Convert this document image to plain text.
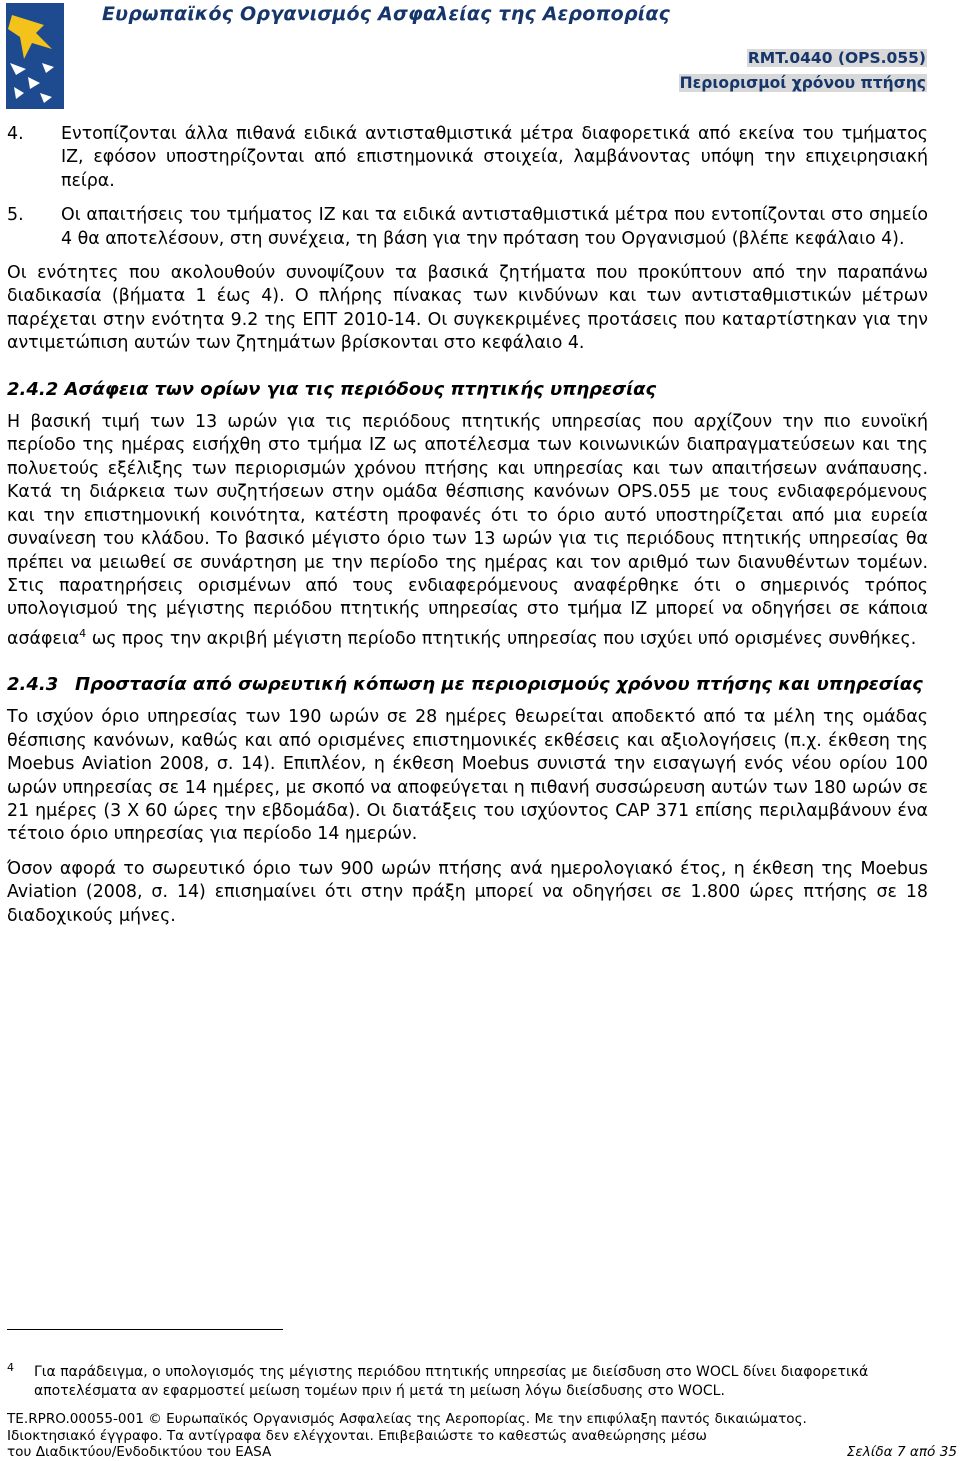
Ευρωπαϊκός Οργανισμός Ασφαλείας της Αεροπορίας
RMT.0440 (OPS.055)
Περιορισμοί χρόνου πτήσης
4.	Εντοπίζονται άλλα πιθανά ειδικά αντισταθμιστικά μέτρα διαφορετικά από εκείνα του τμήματος ΙΖ, εφόσον υποστηρίζονται από επιστημονικά στοιχεία, λαμβάνοντας υπόψη την επιχειρησιακή πείρα.
5.	Οι απαιτήσεις του τμήματος ΙΖ και τα ειδικά αντισταθμιστικά μέτρα που εντοπίζονται στο σημείο 4 θα αποτελέσουν, στη συνέχεια, τη βάση για την πρόταση του Οργανισμού (βλέπε κεφάλαιο 4).

Οι ενότητες που ακολουθούν συνοψίζουν τα βασικά ζητήματα που προκύπτουν από την παραπάνω διαδικασία (βήματα 1 έως 4). Ο πλήρης πίνακας των κινδύνων και των αντισταθμιστικών μέτρων παρέχεται στην ενότητα 9.2 της ΕΠΤ 2010-14. Οι συγκεκριμένες προτάσεις που καταρτίστηκαν για την αντιμετώπιση αυτών των ζητημάτων βρίσκονται στο κεφάλαιο 4.

2.4.2 Ασάφεια των ορίων για τις περιόδους πτητικής υπηρεσίας

Η βασική τιμή των 13 ωρών για τις περιόδους πτητικής υπηρεσίας που αρχίζουν την πιο ευνοϊκή περίοδο της ημέρας εισήχθη στο τμήμα ΙΖ ως αποτέλεσμα των κοινωνικών διαπραγματεύσεων και της πολυετούς εξέλιξης των περιορισμών χρόνου πτήσης και υπηρεσίας και των απαιτήσεων ανάπαυσης. Κατά τη διάρκεια των συζητήσεων στην ομάδα θέσπισης κανόνων OPS.055 με τους ενδιαφερόμενους και την επιστημονική κοινότητα, κατέστη προφανές ότι το όριο αυτό υποστηρίζεται από μια ευρεία συναίνεση του κλάδου. Το βασικό μέγιστο όριο των 13 ωρών για τις περιόδους πτητικής υπηρεσίας θα πρέπει να μειωθεί σε συνάρτηση με την περίοδο της ημέρας και τον αριθμό των διανυθέντων τομέων. Στις παρατηρήσεις ορισμένων από τους ενδιαφερόμενους αναφέρθηκε ότι ο σημερινός τρόπος υπολογισμού της μέγιστης περιόδου πτητικής υπηρεσίας στο τμήμα ΙΖ μπορεί να οδηγήσει σε κάποια ασάφεια$^4$ ως προς την ακριβή μέγιστη περίοδο πτητικής υπηρεσίας που ισχύει υπό ορισμένες συνθήκες.

2.4.3 Προστασία από σωρευτική κόπωση με περιορισμούς χρόνου πτήσης και υπηρεσίας

Το ισχύον όριο υπηρεσίας των 190 ωρών σε 28 ημέρες θεωρείται αποδεκτό από τα μέλη της ομάδας θέσπισης κανόνων, καθώς και από ορισμένες επιστημονικές εκθέσεις και αξιολογήσεις (π.χ. έκθεση της Moebus Aviation 2008, σ. 14). Επιπλέον, η έκθεση Moebus συνιστά την εισαγωγή ενός νέου ορίου 100 ωρών υπηρεσίας σε 14 ημέρες, με σκοπό να αποφεύγεται η πιθανή συσσώρευση αυτών των 180 ωρών σε 21 ημέρες (3 Χ 60 ώρες την εβδομάδα). Οι διατάξεις του ισχύοντος CAP 371 επίσης περιλαμβάνουν ένα τέτοιο όριο υπηρεσίας για περίοδο 14 ημερών.

Όσον αφορά το σωρευτικό όριο των 900 ωρών πτήσης ανά ημερολογιακό έτος, η έκθεση της Moebus Aviation (2008, σ. 14) επισημαίνει ότι στην πράξη μπορεί να οδηγήσει σε 1.800 ώρες πτήσης σε 18 διαδοχικούς μήνες.

4 Για παράδειγμα, ο υπολογισμός της μέγιστης περιόδου πτητικής υπηρεσίας με διείσδυση στο WOCL δίνει διαφορετικά αποτελέσματα αν εφαρμοστεί μείωση τομέων πριν ή μετά τη μείωση λόγω διείσδυσης στο WOCL.
TE.RPRO.00055-001 © Ευρωπαϊκός Οργανισμός Ασφαλείας της Αεροπορίας. Με την επιφύλαξη παντός δικαιώματος.
Ιδιοκτησιακό έγγραφο. Τα αντίγραφα δεν ελέγχονται. Επιβεβαιώστε το καθεστώς αναθεώρησης μέσω
του Διαδικτύου/Ενδοδικτύου του EASA	Σελίδα 7 από 35
